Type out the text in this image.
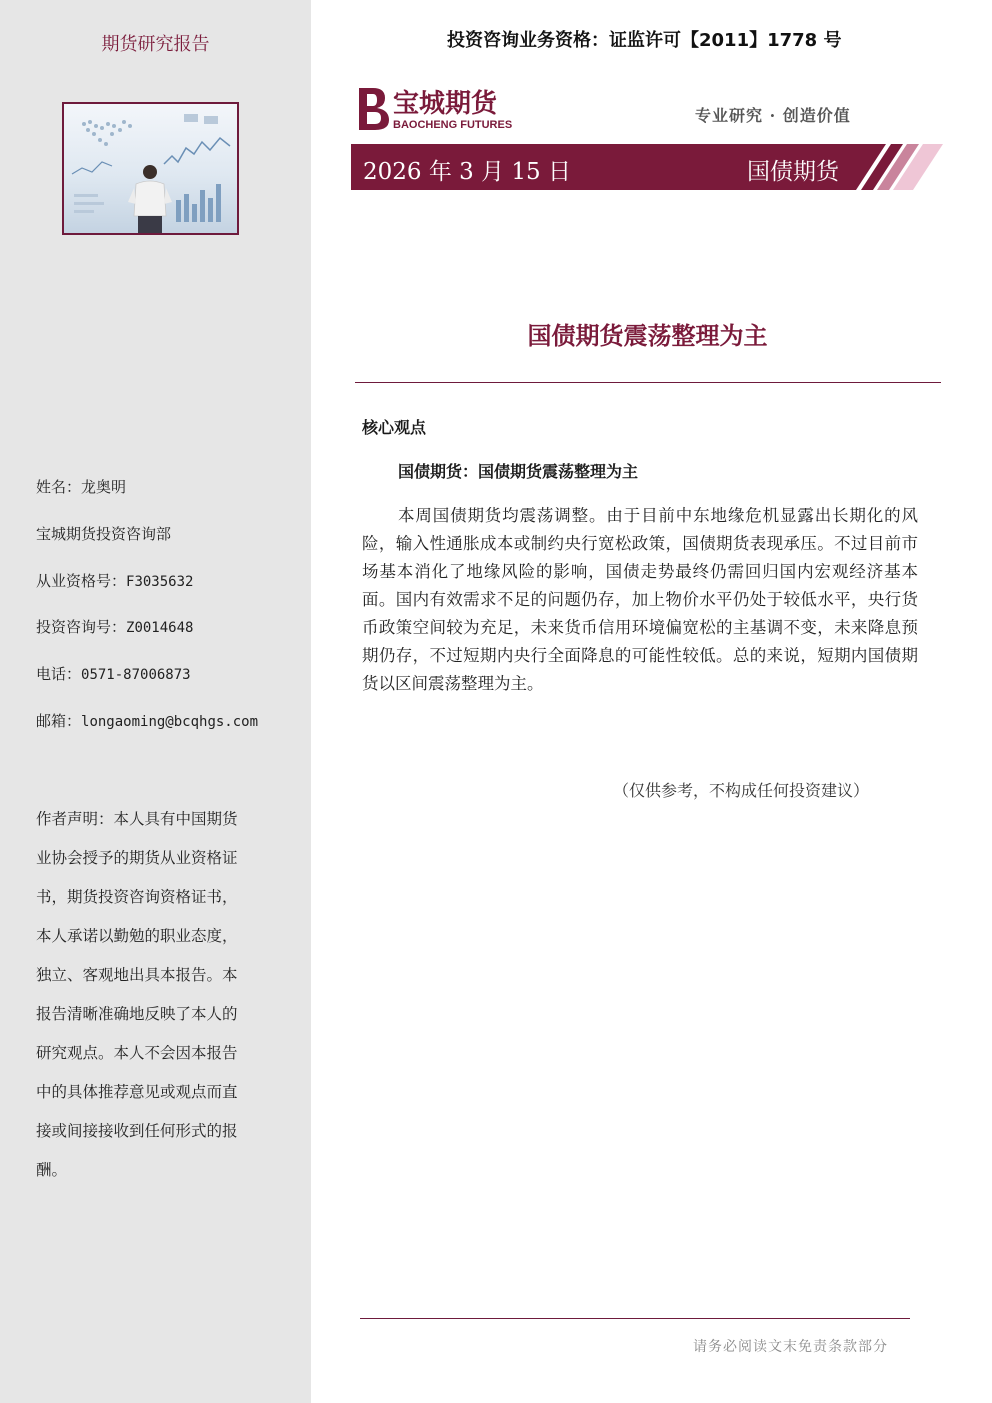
期货研究报告
姓名：龙奥明
宝城期货投资咨询部
从业资格号：F3035632
投资咨询号：Z0014648
电话：0571-87006873
邮箱：longaoming@bcqhgs.com
作者声明：本人具有中国期货
业协会授予的期货从业资格证
书，期货投资咨询资格证书，
本人承诺以勤勉的职业态度，
独立、客观地出具本报告。本
报告清晰准确地反映了本人的
研究观点。本人不会因本报告
中的具体推荐意见或观点而直
接或间接接收到任何形式的报
酬。
投资咨询业务资格：证监许可【2011】1778 号
宝城期货
BAOCHENG FUTURES	专业研究 · 创造价值
2026 年 3 月 15 日	国债期货
国债期货震荡整理为主
核心观点
国债期货：国债期货震荡整理为主
本周国债期货均震荡调整。由于目前中东地缘危机显露出长期化的风险，输入性通胀成本或制约央行宽松政策，国债期货表现承压。不过目前市场基本消化了地缘风险的影响，国债走势最终仍需回归国内宏观经济基本面。国内有效需求不足的问题仍存，加上物价水平仍处于较低水平，央行货币政策空间较为充足，未来货币信用环境偏宽松的主基调不变，未来降息预期仍存，不过短期内央行全面降息的可能性较低。总的来说，短期内国债期货以区间震荡整理为主。
（仅供参考，不构成任何投资建议）
请务必阅读文末免责条款部分
